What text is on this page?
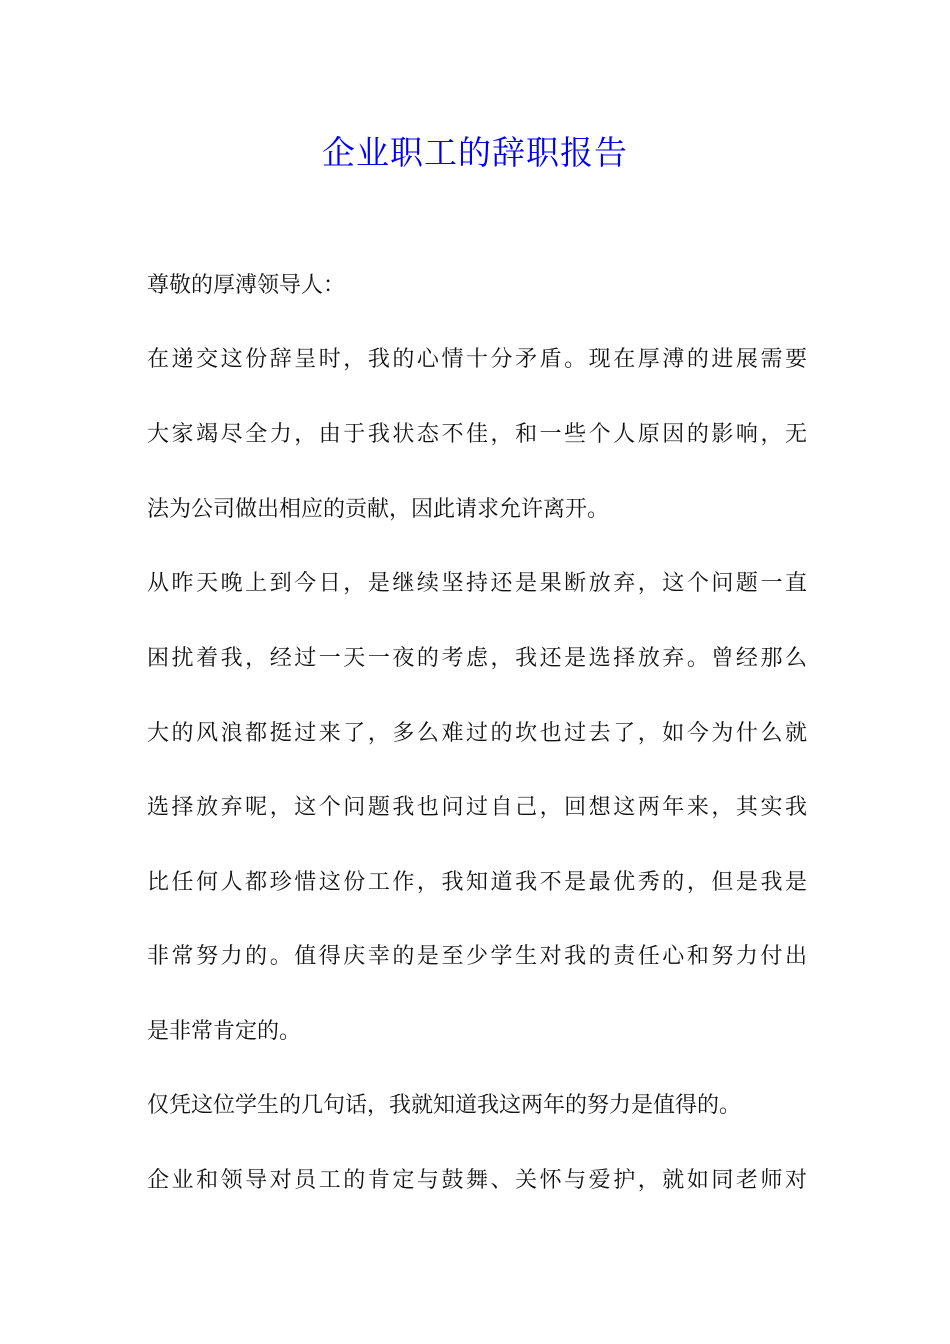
企业职工的辞职报告
尊敬的厚溥领导人：
在递交这份辞呈时，我的心情十分矛盾。现在厚溥的进展需要
大家竭尽全力，由于我状态不佳，和一些个人原因的影响，无
法为公司做出相应的贡献，因此请求允许离开。
从昨天晚上到今日，是继续坚持还是果断放弃，这个问题一直
困扰着我，经过一天一夜的考虑，我还是选择放弃。曾经那么
大的风浪都挺过来了，多么难过的坎也过去了，如今为什么就
选择放弃呢，这个问题我也问过自己，回想这两年来，其实我
比任何人都珍惜这份工作，我知道我不是最优秀的，但是我是
非常努力的。值得庆幸的是至少学生对我的责任心和努力付出
是非常肯定的。
仅凭这位学生的几句话，我就知道我这两年的努力是值得的。
企业和领导对员工的肯定与鼓舞、关怀与爱护，就如同老师对
